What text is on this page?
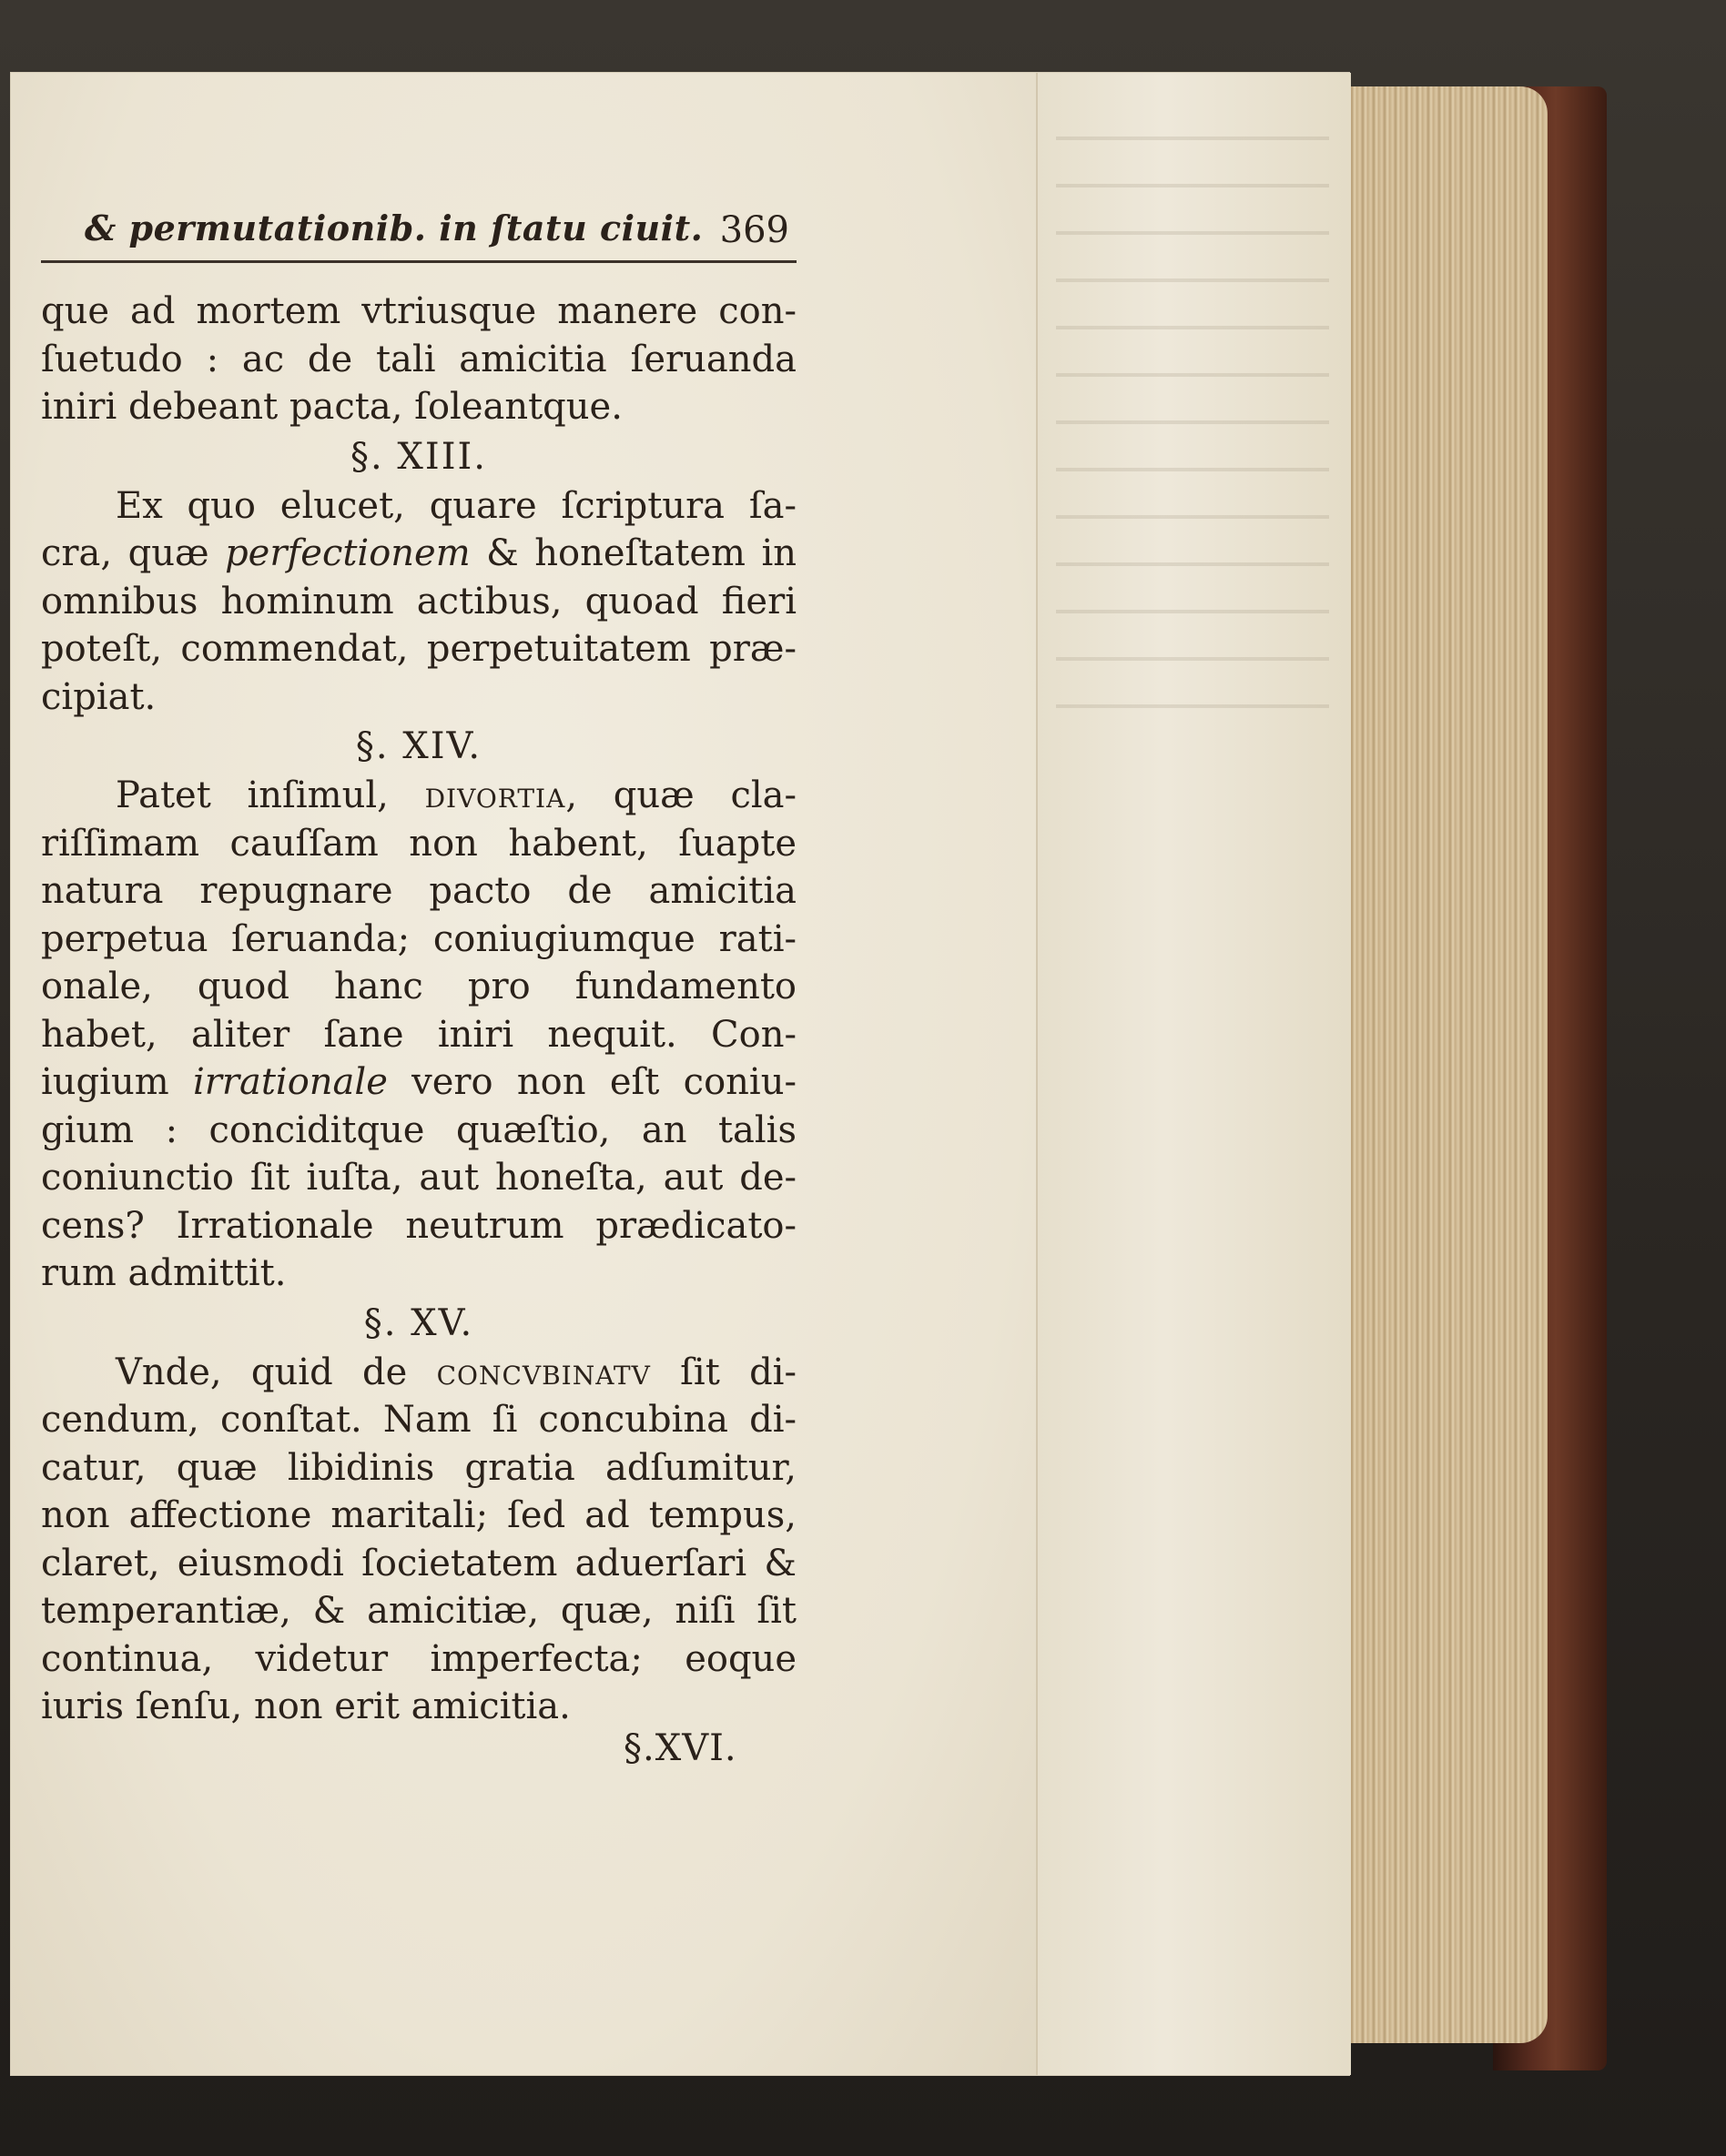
& permutationib. in ſtatu ciuit. 369
que ad mortem vtriusque manere con-
ſuetudo : ac de tali amicitia ſeruanda
iniri debeant pacta, ſoleantque.
§. XIII.
Ex quo elucet, quare ſcriptura ſa-
cra, quæ perfectionem & honeſtatem in
omnibus hominum actibus, quoad fieri
poteſt, commendat, perpetuitatem præ-
cipiat.
§. XIV.
Patet inſimul, divortia, quæ cla-
riſſimam cauſſam non habent, ſuapte
natura repugnare pacto de amicitia
perpetua ſeruanda; coniugiumque rati-
onale, quod hanc pro fundamento
habet, aliter ſane iniri nequit. Con-
iugium irrationale vero non eſt coniu-
gium : conciditque quæſtio, an talis
coniunctio ſit iuſta, aut honeſta, aut de-
cens? Irrationale neutrum prædicato-
rum admittit.
§. XV.
Vnde, quid de concvbinatv ſit di-
cendum, conſtat. Nam ſi concubina di-
catur, quæ libidinis gratia adſumitur,
non affectione maritali; ſed ad tempus,
claret, eiusmodi ſocietatem aduerſari &
temperantiæ, & amicitiæ, quæ, niſi ſit
continua, videtur imperfecta; eoque
iuris ſenſu, non erit amicitia.
§.XVI.
